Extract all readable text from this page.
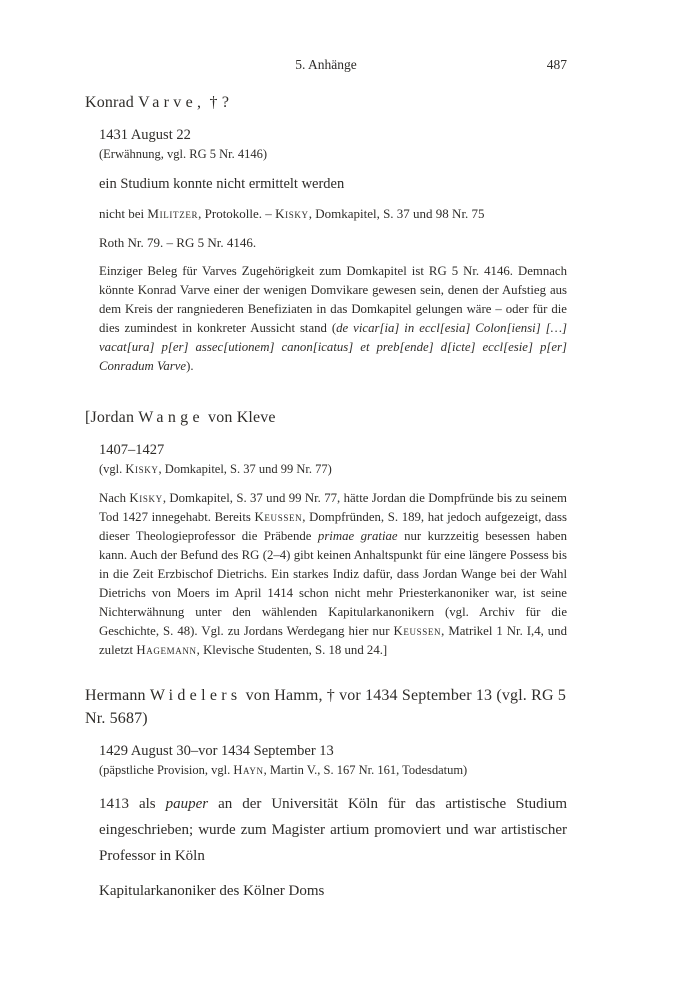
5. Anhänge	487
Konrad Varve, † ?

1431 August 22

(Erwähnung, vgl. RG 5 Nr. 4146)

ein Studium konnte nicht ermittelt werden

nicht bei Militzer, Protokolle. – Kisky, Domkapitel, S. 37 und 98 Nr. 75

Roth Nr. 79. – RG 5 Nr. 4146.

Einziger Beleg für Varves Zugehörigkeit zum Domkapitel ist RG 5 Nr. 4146. Demnach könnte Konrad Varve einer der wenigen Domvikare gewesen sein, denen der Aufstieg aus dem Kreis der rangniederen Benefiziaten in das Domkapitel gelungen wäre – oder für die dies zumindest in konkreter Aussicht stand (de vicar[ia] in eccl[esia] Colon[iensi] […] vacat[ura] p[er] assec[utionem] canon[icatus] et preb[ende] d[icte] eccl[esie] p[er] Conradum Varve).

[Jordan Wange von Kleve

1407–1427

(vgl. Kisky, Domkapitel, S. 37 und 99 Nr. 77)

Nach Kisky, Domkapitel, S. 37 und 99 Nr. 77, hätte Jordan die Dompfründe bis zu seinem Tod 1427 innegehabt. Bereits Keussen, Dompfründen, S. 189, hat jedoch aufgezeigt, dass dieser Theologieprofessor die Präbende primae gratiae nur kurzzeitig besessen haben kann. Auch der Befund des RG (2–4) gibt keinen Anhaltspunkt für eine längere Possess bis in die Zeit Erzbischof Dietrichs. Ein starkes Indiz dafür, dass Jordan Wange bei der Wahl Dietrichs von Moers im April 1414 schon nicht mehr Priesterkanoniker war, ist seine Nichterwähnung unter den wählenden Kapitularkanonikern (vgl. Archiv für die Geschichte, S. 48). Vgl. zu Jordans Werdegang hier nur Keussen, Matrikel 1 Nr. I,4, und zuletzt Hagemann, Klevische Studenten, S. 18 und 24.]

Hermann Widelers von Hamm, † vor 1434 September 13 (vgl. RG 5 Nr. 5687)

1429 August 30–vor 1434 September 13

(päpstliche Provision, vgl. Hayn, Martin V., S. 167 Nr. 161, Todesdatum)

1413 als pauper an der Universität Köln für das artistische Studium eingeschrieben; wurde zum Magister artium promoviert und war artistischer Professor in Köln

Kapitularkanoniker des Kölner Doms
